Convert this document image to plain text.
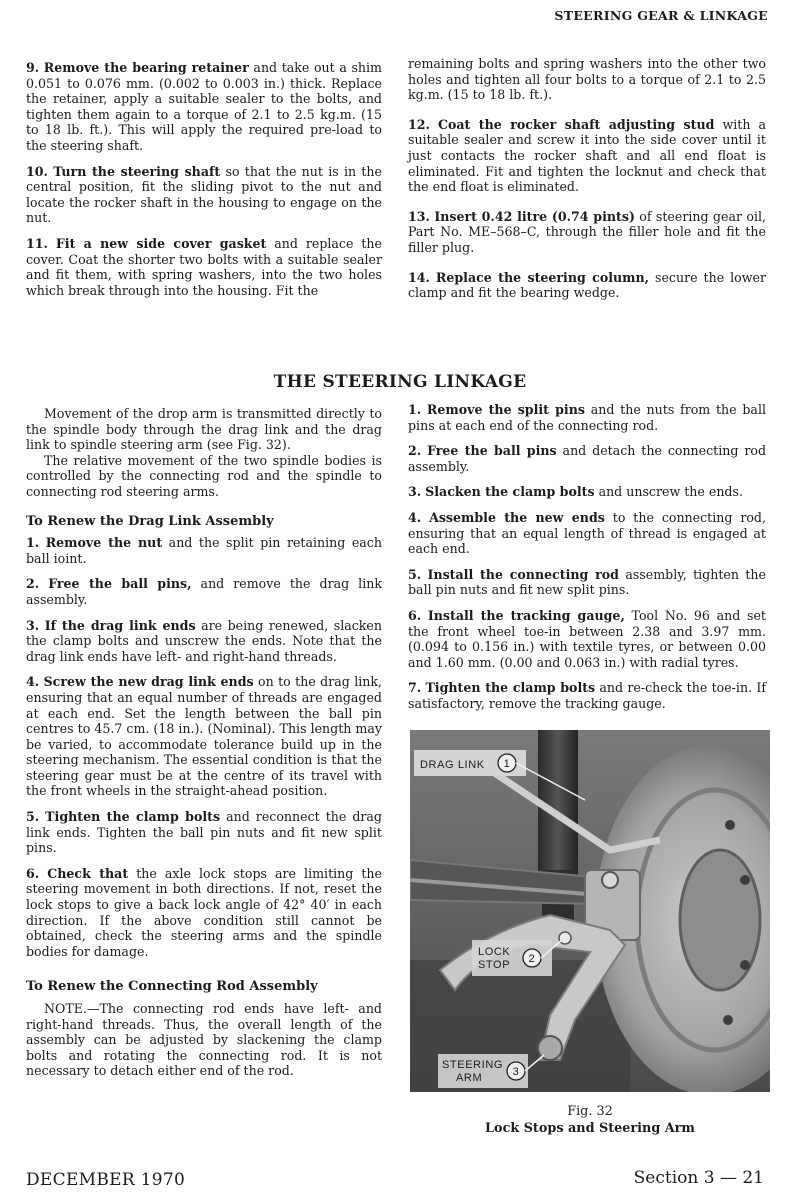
STEERING GEAR & LINKAGE

9. Remove the bearing retainer and take out a shim 0.051 to 0.076 mm. (0.002 to 0.003 in.) thick. Replace the retainer, apply a suitable sealer to the bolts, and tighten them again to a torque of 2.1 to 2.5 kg.m. (15 to 18 lb. ft.). This will apply the required pre-load to the steering shaft.

10. Turn the steering shaft so that the nut is in the central position, fit the sliding pivot to the nut and locate the rocker shaft in the housing to engage on the nut.

11. Fit a new side cover gasket and replace the cover. Coat the shorter two bolts with a suitable sealer and fit them, with spring washers, into the two holes which break through into the housing. Fit the

remaining bolts and spring washers into the other two holes and tighten all four bolts to a torque of 2.1 to 2.5 kg.m. (15 to 18 lb. ft.).

12. Coat the rocker shaft adjusting stud with a suitable sealer and screw it into the side cover until it just contacts the rocker shaft and all end float is eliminated. Fit and tighten the locknut and check that the end float is eliminated.

13. Insert 0.42 litre (0.74 pints) of steering gear oil, Part No. ME–568–C, through the filler hole and fit the filler plug.

14. Replace the steering column, secure the lower clamp and fit the bearing wedge.

THE STEERING LINKAGE

Movement of the drop arm is transmitted directly to the spindle body through the drag link and the drag link to spindle steering arm (see Fig. 32).

The relative movement of the two spindle bodies is controlled by the connecting rod and the spindle to connecting rod steering arms.

To Renew the Drag Link Assembly

1. Remove the nut and the split pin retaining each ball ioint.

2. Free the ball pins, and remove the drag link assembly.

3. If the drag link ends are being renewed, slacken the clamp bolts and unscrew the ends. Note that the drag link ends have left- and right-hand threads.

4. Screw the new drag link ends on to the drag link, ensuring that an equal number of threads are engaged at each end. Set the length between the ball pin centres to 45.7 cm. (18 in.). (Nominal). This length may be varied, to accommodate tolerance build up in the steering mechanism. The essential condition is that the steering gear must be at the centre of its travel with the front wheels in the straight-ahead position.

5. Tighten the clamp bolts and reconnect the drag link ends. Tighten the ball pin nuts and fit new split pins.

6. Check that the axle lock stops are limiting the steering movement in both directions. If not, reset the lock stops to give a back lock angle of 42° 40′ in each direction. If the above condition still cannot be obtained, check the steering arms and the spindle bodies for damage.

To Renew the Connecting Rod Assembly

NOTE.—The connecting rod ends have left- and right-hand threads. Thus, the overall length of the assembly can be adjusted by slackening the clamp bolts and rotating the connecting rod. It is not necessary to detach either end of the rod.

1. Remove the split pins and the nuts from the ball pins at each end of the connecting rod.

2. Free the ball pins and detach the connecting rod assembly.

3. Slacken the clamp bolts and unscrew the ends.

4. Assemble the new ends to the connecting rod, ensuring that an equal length of thread is engaged at each end.

5. Install the connecting rod assembly, tighten the ball pin nuts and fit new split pins.

6. Install the tracking gauge, Tool No. 96 and set the front wheel toe-in between 2.38 and 3.97 mm. (0.094 to 0.156 in.) with textile tyres, or between 0.00 and 1.60 mm. (0.00 and 0.063 in.) with radial tyres.

7. Tighten the clamp bolts and re-check the toe-in. If satisfactory, remove the tracking gauge.

DRAG LINK 1
LOCK
STOP 2
STEERING
ARM	3
Fig. 32
Lock Stops and Steering Arm
DECEMBER 1970	Section 3 — 21
